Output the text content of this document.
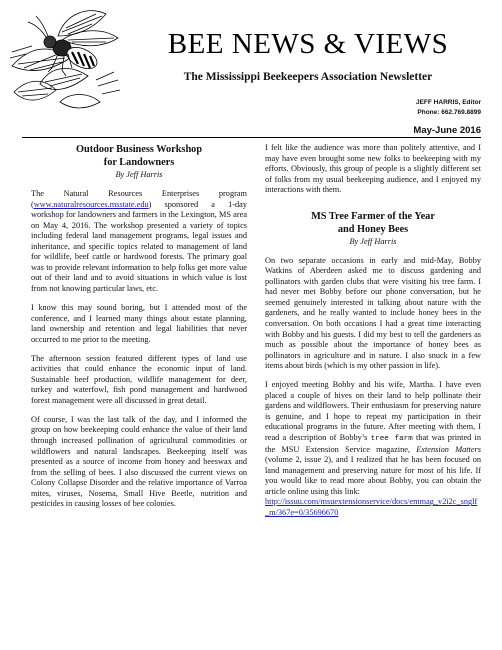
BEE NEWS & VIEWS
The Mississippi Beekeepers Association Newsletter
JEFF HARRIS, Editor
Phone: 662.769.8899
May-June 2016
Outdoor Business Workshop
for Landowners
By Jeff Harris

The Natural Resources Enterprises program (www.naturalresources.msstate.edu) sponsored a 1-day workshop for landowners and farmers in the Lexington, MS area on May 4, 2016. The workshop presented a variety of topics including federal land management programs, legal issues and inheritance, and specific topics related to management of land for wildlife, beef cattle or hardwood forests. The primary goal was to provide relevant information to help folks get more value out of their land and to avoid situations in which value is lost from not knowing particular laws, etc.

I know this may sound boring, but I attended most of the conference, and I learned many things about estate planning, land ownership and retention and legal liabilities that never occurred to me prior to the meeting.

The afternoon session featured different types of land use activities that could enhance the economic input of land. Sustainable beef production, wildlife management for deer, turkey and waterfowl, fish pond management and hardwood forest management were all discussed in great detail.

Of course, I was the last talk of the day, and I informed the group on how beekeeping could enhance the value of their land through increased pollination of agricultural commodities or wildflowers and natural landscapes. Beekeeping itself was presented as a source of income from honey and beeswax and from the selling of bees. I also discussed the current views on Colony Collapse Disorder and the relative importance of Varroa mites, viruses, Nosema, Small Hive Beetle, nutrition and pesticides in causing losses of bee colonies.

I felt like the audience was more than politely attentive, and I may have even brought some new folks to beekeeping with my efforts. Obviously, this group of people is a slightly different set of folks from my usual beekeeping audience, and I enjoyed my interactions with them.

MS Tree Farmer of the Year
and Honey Bees
By Jeff Harris

On two separate occasions in early and mid-May, Bobby Watkins of Aberdeen asked me to discuss gardening and pollinators with garden clubs that were visiting his tree farm. I had never met Bobby before our phone conversation, but he seemed genuinely interested in talking about nature with the gardeners, and he really wanted to include honey bees in the conversation. On both occasions I had a great time interacting with Bobby and his guests. I did my best to tell the gardeners as much as possible about the importance of honey bees as pollinators in agriculture and in nature. I also snuck in a few items about birds (which is my other passion in life).

I enjoyed meeting Bobby and his wife, Martha. I have even placed a couple of hives on their land to help pollinate their gardens and wildflowers. Their enthusiasm for preserving nature is genuine, and I hope to repeat my participation in their educational programs in the future. After meeting with them, I read a description of Bobby’s tree farm that was printed in the MSU Extension Service magazine, Extension Matters (volume 2, issue 2), and I realized that he has been focused on land management and preserving nature for most of his life. If you would like to read more about Bobby, you can obtain the article online using this link:

http://issuu.com/msuextensionservice/docs/emmag_v2i2c_snglf_m/367e=0/35696670
